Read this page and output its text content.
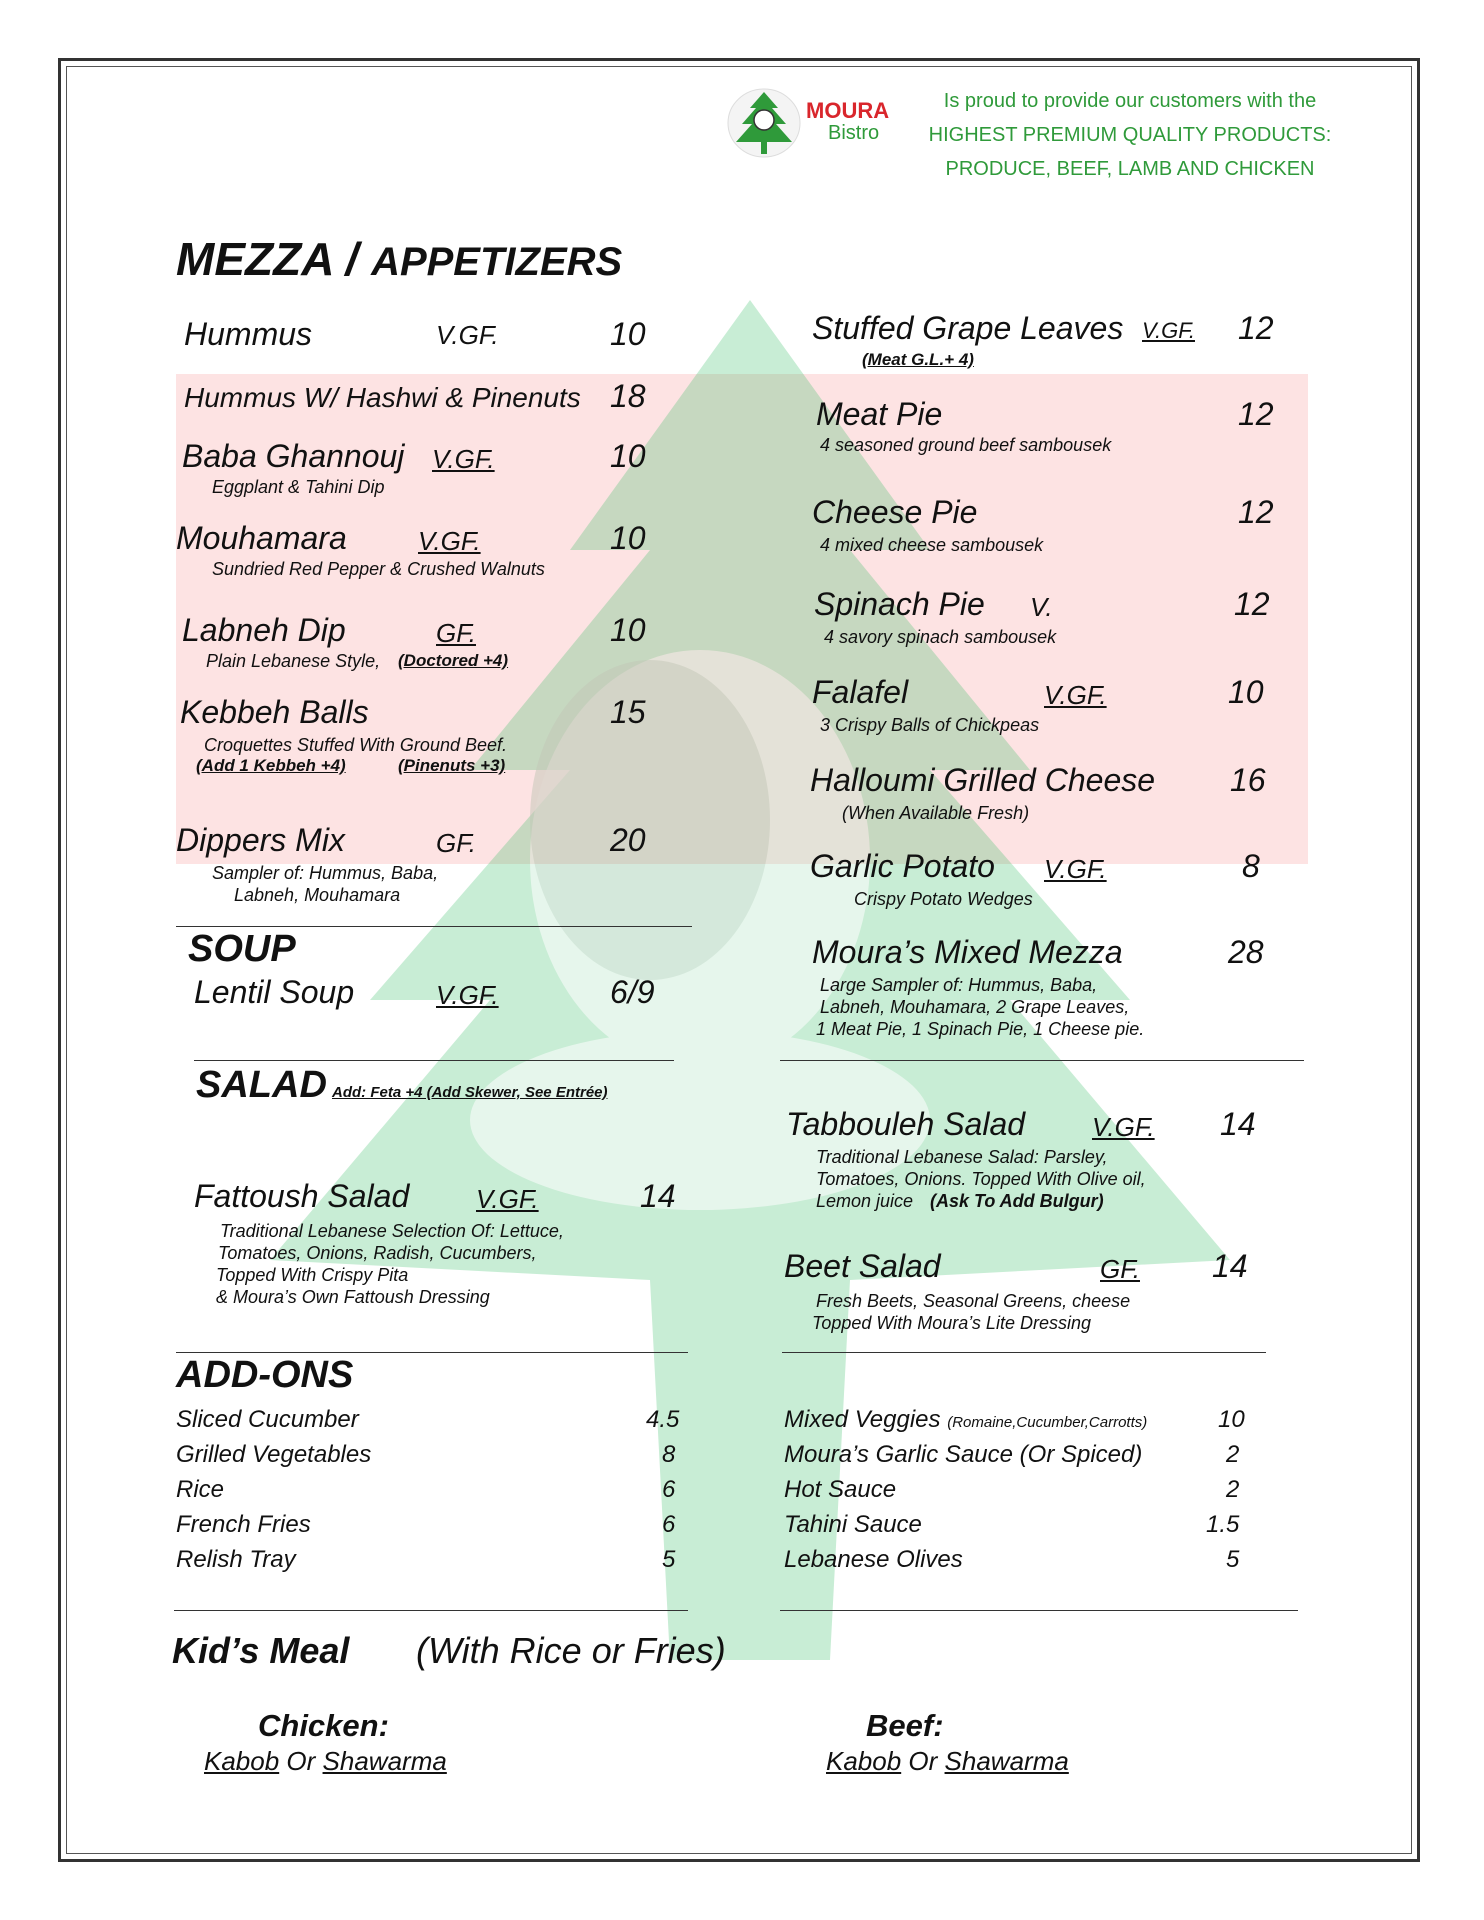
MOURA
Bistro
Is proud to provide our customers with the
HIGHEST PREMIUM QUALITY PRODUCTS:
PRODUCE, BEEF, LAMB AND CHICKEN
MEZZA / APPETIZERS
Hummus	V.GF.	10
Hummus W/ Hashwi & Pinenuts 18
Baba Ghannouj V.GF.	10
Eggplant & Tahini Dip
Mouhamara	V.GF.	10
Sundried Red Pepper & Crushed Walnuts
Labneh Dip	GF.	10
Plain Lebanese Style, (Doctored +4)
Kebbeh Balls	15
Croquettes Stuffed With Ground Beef.
(Add 1 Kebbeh +4)	(Pinenuts +3)
Dippers Mix	GF.	20
Sampler of: Hummus, Baba,
Labneh, Mouhamara
Stuffed Grape Leaves V.GF. 12
(Meat G.L.+ 4)
Meat Pie	12
4 seasoned ground beef sambousek
Cheese Pie	12
4 mixed cheese sambousek
Spinach Pie V.	12
4 savory spinach sambousek
Falafel	V.GF.	10
3 Crispy Balls of Chickpeas
Halloumi Grilled Cheese 16
(When Available Fresh)
Garlic Potato V.GF.	8
Crispy Potato Wedges
Moura’s Mixed Mezza	28
Large Sampler of: Hummus, Baba,
Labneh, Mouhamara, 2 Grape Leaves,
1 Meat Pie, 1 Spinach Pie, 1 Cheese pie.
SOUP
Lentil Soup	V.GF.	6/9
SALAD Add: Feta +4 (Add Skewer, See Entrée)
Fattoush Salad	V.GF.	14
Traditional Lebanese Selection Of: Lettuce,
Tomatoes, Onions, Radish, Cucumbers,
Topped With Crispy Pita
& Moura’s Own Fattoush Dressing
Tabbouleh Salad	V.GF. 14
Traditional Lebanese Salad: Parsley,
Tomatoes, Onions. Topped With Olive oil,
Lemon juice (Ask To Add Bulgur)
Beet Salad	GF. 14
Fresh Beets, Seasonal Greens, cheese
Topped With Moura’s Lite Dressing
ADD-ONS
Sliced Cucumber	4.5
Grilled Vegetables	8
Rice	6
French Fries	6
Relish Tray	5
Mixed Veggies (Romaine,Cucumber,Carrotts)	10
Moura’s Garlic Sauce (Or Spiced)	2
Hot Sauce	2
Tahini Sauce	1.5
Lebanese Olives	5
Kid’s Meal (With Rice or Fries)
Chicken:
Kabob Or Shawarma
Beef:
Kabob Or Shawarma
